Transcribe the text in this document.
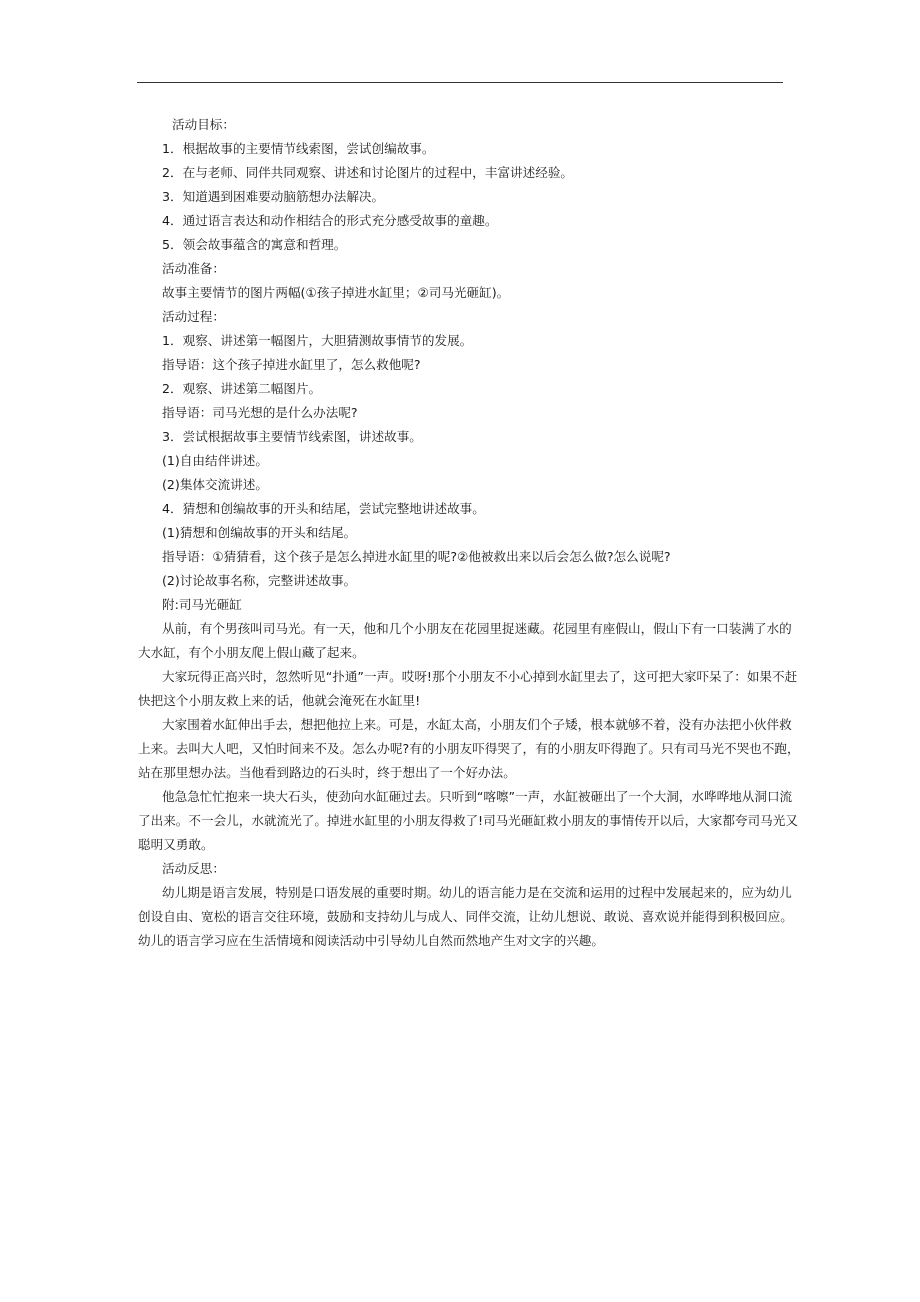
活动目标：
1．根据故事的主要情节线索图，尝试创编故事。
2．在与老师、同伴共同观察、讲述和讨论图片的过程中，丰富讲述经验。
3．知道遇到困难要动脑筋想办法解决。
4．通过语言表达和动作相结合的形式充分感受故事的童趣。
5．领会故事蕴含的寓意和哲理。
活动准备：
故事主要情节的图片两幅(①孩子掉进水缸里；②司马光砸缸)。
活动过程：
1．观察、讲述第一幅图片，大胆猜测故事情节的发展。
指导语：这个孩子掉进水缸里了，怎么救他呢?
2．观察、讲述第二幅图片。
指导语：司马光想的是什么办法呢?
3．尝试根据故事主要情节线索图，讲述故事。
(1)自由结伴讲述。
(2)集体交流讲述。
4．猜想和创编故事的开头和结尾，尝试完整地讲述故事。
(1)猜想和创编故事的开头和结尾。
指导语：①猜猜看，这个孩子是怎么掉进水缸里的呢?②他被救出来以后会怎么做?怎么说呢?
(2)讨论故事名称，完整讲述故事。
附:司马光砸缸
从前，有个男孩叫司马光。有一天，他和几个小朋友在花园里捉迷藏。花园里有座假山，假山下有一口装满了水的
大水缸，有个小朋友爬上假山藏了起来。
大家玩得正高兴时，忽然听见“扑通”一声。哎呀!那个小朋友不小心掉到水缸里去了，这可把大家吓呆了：如果不赶
快把这个小朋友救上来的话，他就会淹死在水缸里!
大家围着水缸伸出手去，想把他拉上来。可是，水缸太高，小朋友们个子矮，根本就够不着，没有办法把小伙伴救
上来。去叫大人吧，又怕时间来不及。怎么办呢?有的小朋友吓得哭了，有的小朋友吓得跑了。只有司马光不哭也不跑，
站在那里想办法。当他看到路边的石头时，终于想出了一个好办法。
他急急忙忙抱来一块大石头，使劲向水缸砸过去。只听到“喀嚓”一声，水缸被砸出了一个大洞，水哗哗地从洞口流
了出来。不一会儿，水就流光了。掉进水缸里的小朋友得救了!司马光砸缸救小朋友的事情传开以后，大家都夸司马光又
聪明又勇敢。
活动反思：
幼儿期是语言发展，特别是口语发展的重要时期。幼儿的语言能力是在交流和运用的过程中发展起来的，应为幼儿
创设自由、宽松的语言交往环境，鼓励和支持幼儿与成人、同伴交流，让幼儿想说、敢说、喜欢说并能得到积极回应。
幼儿的语言学习应在生活情境和阅读活动中引导幼儿自然而然地产生对文字的兴趣。
